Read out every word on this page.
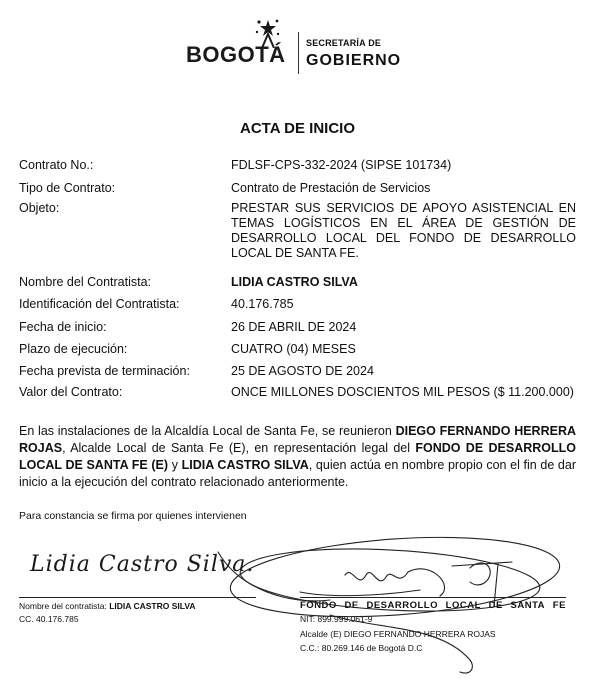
BOGOTÁ SECRETARÍA DE
GOBIERNO
ACTA DE INICIO
Contrato No.:	FDLSF-CPS-332-2024 (SIPSE 101734)
Tipo de Contrato:	Contrato de Prestación de Servicios
Objeto:	PRESTAR SUS SERVICIOS DE APOYO ASISTENCIAL EN TEMAS LOGÍSTICOS EN EL ÁREA DE GESTIÓN DE DESARROLLO LOCAL DEL FONDO DE DESARROLLO LOCAL DE SANTA FE.
Nombre del Contratista:	LIDIA CASTRO SILVA
Identificación del Contratista:	40.176.785
Fecha de inicio:	26 DE ABRIL DE 2024
Plazo de ejecución:	CUATRO (04) MESES
Fecha prevista de terminación:	25 DE AGOSTO DE 2024
Valor del Contrato:	ONCE MILLONES DOSCIENTOS MIL PESOS ($ 11.200.000)
En las instalaciones de la Alcaldía Local de Santa Fe, se reunieron DIEGO FERNANDO HERRERA ROJAS, Alcalde Local de Santa Fe (E), en representación legal del FONDO DE DESARROLLO LOCAL DE SANTA FE (E) y LIDIA CASTRO SILVA, quien actúa en nombre propio con el fin de dar inicio a la ejecución del contrato relacionado anteriormente.
Para constancia se firma por quienes intervienen
Lidia Castro Silva.
Nombre del contratista: LIDIA CASTRO SILVA
CC. 40.176.785
FONDO DE DESARROLLO LOCAL DE SANTA FE
NIT: 899.999.061-9
Alcalde (E) DIEGO FERNANDO HERRERA ROJAS
C.C.: 80.269.146 de Bogotá D.C
